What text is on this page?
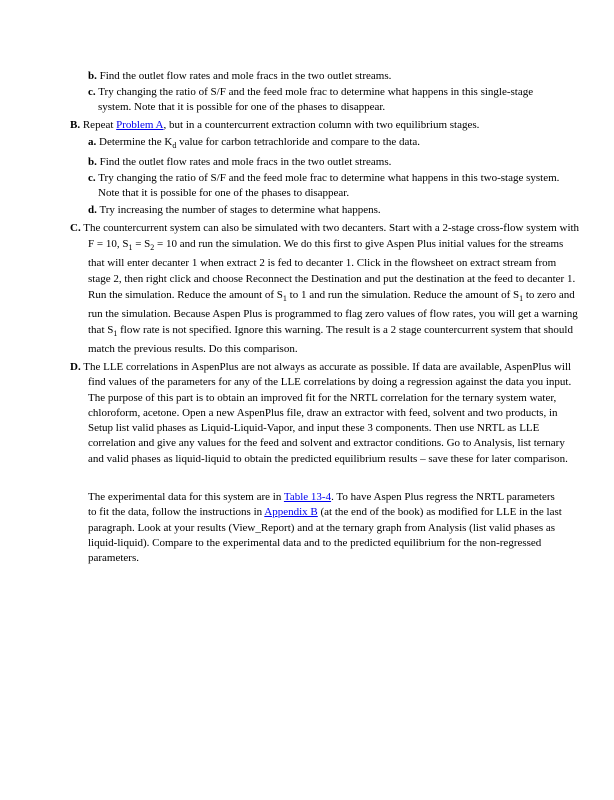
b. Find the outlet flow rates and mole fracs in the two outlet streams.

c. Try changing the ratio of S/F and the feed mole frac to determine what happens in this single-stage system. Note that it is possible for one of the phases to disappear.

B. Repeat Problem A, but in a countercurrent extraction column with two equilibrium stages.

a. Determine the $K_d$ value for carbon tetrachloride and compare to the data.

b. Find the outlet flow rates and mole fracs in the two outlet streams.

c. Try changing the ratio of S/F and the feed mole frac to determine what happens in this two-stage system. Note that it is possible for one of the phases to disappear.

d. Try increasing the number of stages to determine what happens.

C. The countercurrent system can also be simulated with two decanters. Start with a 2-stage cross-flow system with F = 10, $S_1 = S_2 = 10$ and run the simulation. We do this first to give Aspen Plus initial values for the streams that will enter decanter 1 when extract 2 is fed to decanter 1. Click in the flowsheet on extract stream from stage 2, then right click and choose Reconnect the Destination and put the destination at the feed to decanter 1. Run the simulation. Reduce the amount of $S_1$ to 1 and run the simulation. Reduce the amount of $S_1$ to zero and run the simulation. Because Aspen Plus is programmed to flag zero values of flow rates, you will get a warning that $S_1$ flow rate is not specified. Ignore this warning. The result is a 2 stage countercurrent system that should match the previous results. Do this comparison.

D. The LLE correlations in AspenPlus are not always as accurate as possible. If data are available, AspenPlus will find values of the parameters for any of the LLE correlations by doing a regression against the data you input. The purpose of this part is to obtain an improved fit for the NRTL correlation for the ternary system water, chloroform, acetone. Open a new AspenPlus file, draw an extractor with feed, solvent and two products, in Setup list valid phases as Liquid-Liquid-Vapor, and input these 3 components. Then use NRTL as LLE correlation and give any values for the feed and solvent and extractor conditions. Go to Analysis, list ternary and valid phases as liquid-liquid to obtain the predicted equilibrium results – save these for later comparison.

The experimental data for this system are in Table 13-4. To have Aspen Plus regress the NRTL parameters to fit the data, follow the instructions in Appendix B (at the end of the book) as modified for LLE in the last paragraph. Look at your results (View_Report) and at the ternary graph from Analysis (list valid phases as liquid-liquid). Compare to the experimental data and to the predicted equilibrium for the non-regressed parameters.
